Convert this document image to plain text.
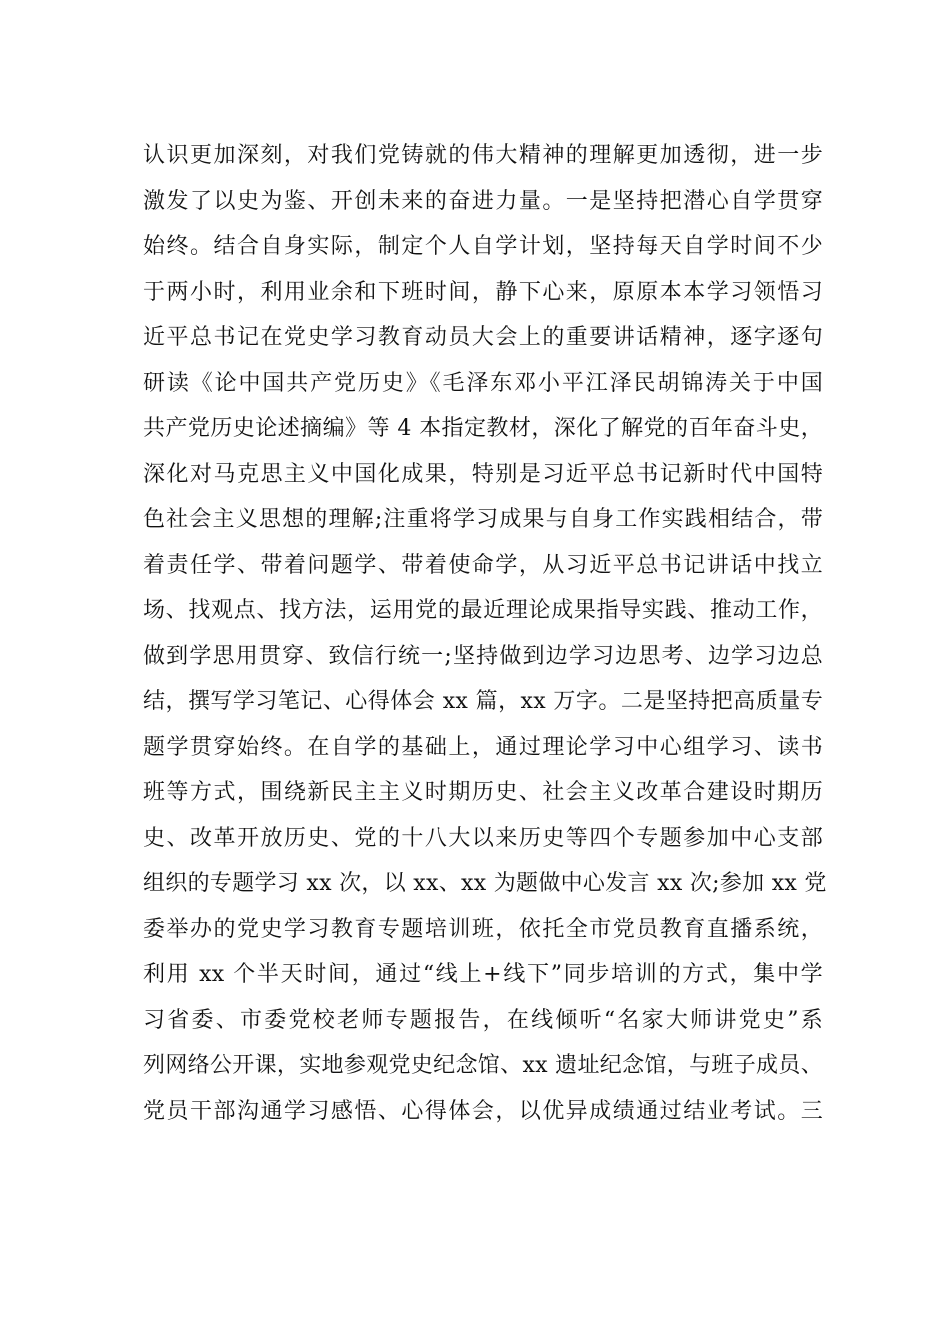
认识更加深刻，对我们党铸就的伟大精神的理解更加透彻，进一步
激发了以史为鉴、开创未来的奋进力量。一是坚持把潜心自学贯穿
始终。结合自身实际，制定个人自学计划，坚持每天自学时间不少
于两小时，利用业余和下班时间，静下心来，原原本本学习领悟习
近平总书记在党史学习教育动员大会上的重要讲话精神，逐字逐句
研读《论中国共产党历史》《毛泽东邓小平江泽民胡锦涛关于中国
共产党历史论述摘编》等 4 本指定教材，深化了解党的百年奋斗史，
深化对马克思主义中国化成果，特别是习近平总书记新时代中国特
色社会主义思想的理解;注重将学习成果与自身工作实践相结合，带
着责任学、带着问题学、带着使命学，从习近平总书记讲话中找立
场、找观点、找方法，运用党的最近理论成果指导实践、推动工作，
做到学思用贯穿、致信行统一;坚持做到边学习边思考、边学习边总
结，撰写学习笔记、心得体会 xx 篇，xx 万字。二是坚持把高质量专
题学贯穿始终。在自学的基础上，通过理论学习中心组学习、读书
班等方式，围绕新民主主义时期历史、社会主义改革合建设时期历
史、改革开放历史、党的十八大以来历史等四个专题参加中心支部
组织的专题学习 xx 次，以 xx、xx 为题做中心发言 xx 次;参加 xx 党
委举办的党史学习教育专题培训班，依托全市党员教育直播系统，
利用 xx 个半天时间，通过“线上+线下”同步培训的方式，集中学
习省委、市委党校老师专题报告，在线倾听“名家大师讲党史”系
列网络公开课，实地参观党史纪念馆、xx 遗址纪念馆，与班子成员、
党员干部沟通学习感悟、心得体会，以优异成绩通过结业考试。三
